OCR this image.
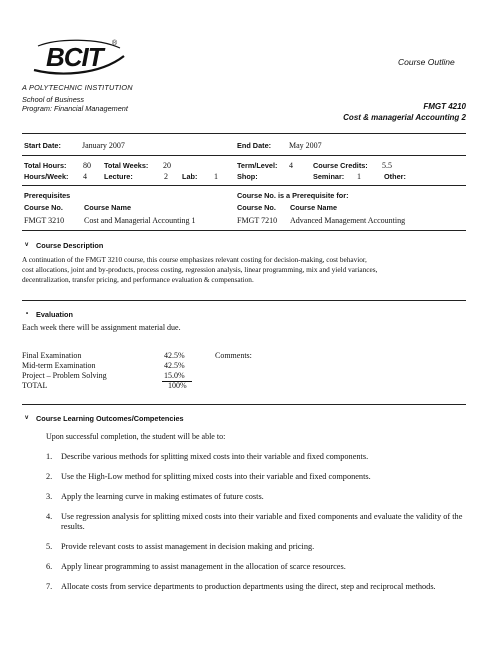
BCIT ®
A POLYTECHNIC INSTITUTION
Course Outline
School of Business
Program: Financial Management	FMGT 4210
Cost & managerial Accounting 2
Start Date:	January 2007	End Date: May 2007
Total Hours: 80 Total Weeks: 20
Hours/Week: 4 Lecture:	2 Lab: 1
Term/Level: 4	Course Credits: 5.5
Shop:	Seminar: 1	Other:
Prerequisites
Course No.	Course Name
FMGT 3210 Cost and Managerial Accounting 1
Course No. is a Prerequisite for:
Course No. Course Name
FMGT 7210 Advanced Management Accounting
v Course Description
A continuation of the FMGT 3210 course, this course emphasizes relevant costing for decision-making, cost behavior,
cost allocations, joint and by-products, process costing, regression analysis, linear programming, mix and yield variances,
decentralization, transfer pricing, and performance evaluation & compensation.
• Evaluation
Each week there will be assignment material due.
Final Examination	42.5%
Mid-term Examination	42.5%
Project – Problem Solving	15.0%
TOTAL	100%
Comments:
v Course Learning Outcomes/Competencies
Upon successful completion, the student will be able to:
1. Describe various methods for splitting mixed costs into their variable and fixed components.
2. Use the High-Low method for splitting mixed costs into their variable and fixed components.
3. Apply the learning curve in making estimates of future costs.
4. Use regression analysis for splitting mixed costs into their variable and fixed components and evaluate the validity of the results.
5. Provide relevant costs to assist management in decision making and pricing.
6. Apply linear programming to assist management in the allocation of scarce resources.
7. Allocate costs from service departments to production departments using the direct, step and reciprocal methods.
